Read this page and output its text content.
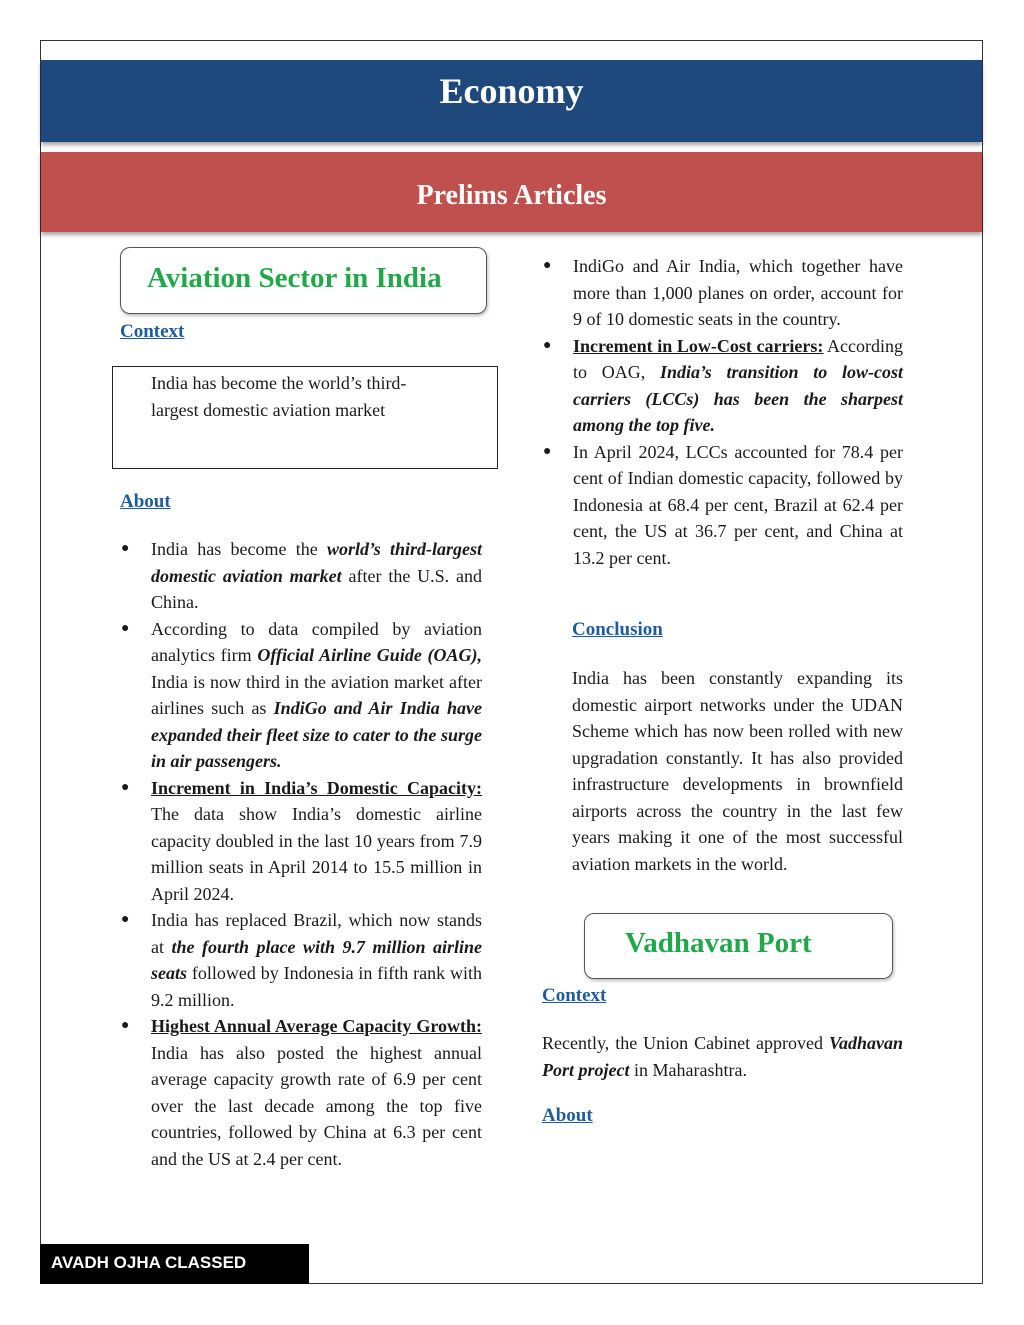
Economy
Prelims Articles
Aviation Sector in India
Context

India has become the world’s third-largest domestic aviation market

About
● India has become the world’s third-largest domestic aviation market after the U.S. and China.
● According to data compiled by aviation analytics firm Official Airline Guide (OAG), India is now third in the aviation market after airlines such as IndiGo and Air India have expanded their fleet size to cater to the surge in air passengers.
● Increment in India’s Domestic Capacity: The data show India’s domestic airline capacity doubled in the last 10 years from 7.9 million seats in April 2014 to 15.5 million in April 2024.
● India has replaced Brazil, which now stands at the fourth place with 9.7 million airline seats followed by Indonesia in fifth rank with 9.2 million.
● Highest Annual Average Capacity Growth: India has also posted the highest annual average capacity growth rate of 6.9 per cent over the last decade among the top five countries, followed by China at 6.3 per cent and the US at 2.4 per cent.
● IndiGo and Air India, which together have more than 1,000 planes on order, account for 9 of 10 domestic seats in the country.
● Increment in Low-Cost carriers: According to OAG, India’s transition to low-cost carriers (LCCs) has been the sharpest among the top five.
● In April 2024, LCCs accounted for 78.4 per cent of Indian domestic capacity, followed by Indonesia at 68.4 per cent, Brazil at 62.4 per cent, the US at 36.7 per cent, and China at 13.2 per cent.
Conclusion
India has been constantly expanding its domestic airport networks under the UDAN Scheme which has now been rolled with new upgradation constantly. It has also provided infrastructure developments in brownfield airports across the country in the last few years making it one of the most successful aviation markets in the world.
Vadhavan Port
Context
Recently, the Union Cabinet approved Vadhavan Port project in Maharashtra.
About
AVADH OJHA CLASSED
